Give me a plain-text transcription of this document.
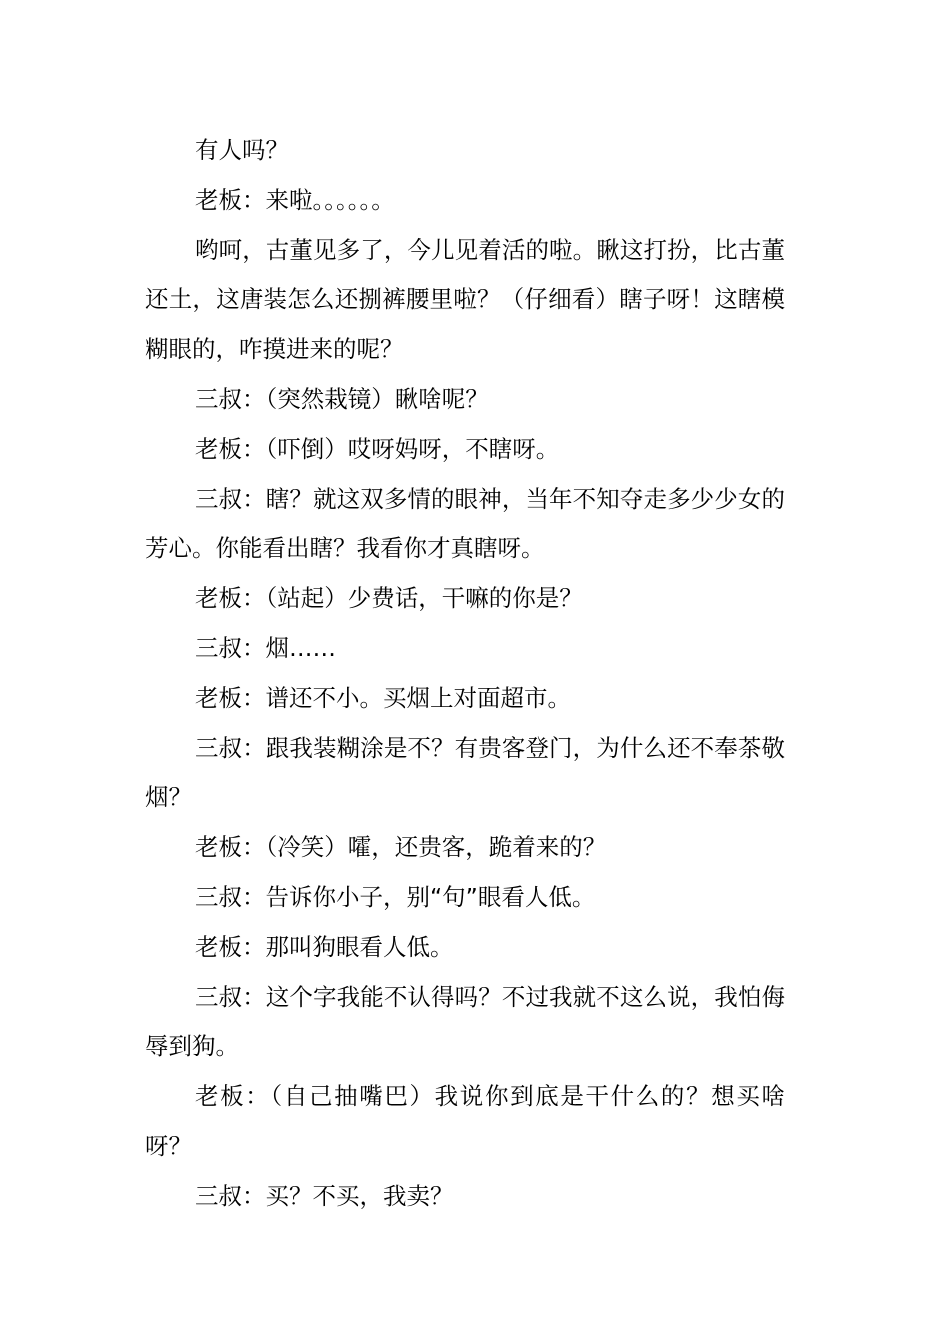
有人吗？

老板：来啦。。。。。。

哟呵，古董见多了，今儿见着活的啦。瞅这打扮，比古董还土，这唐装怎么还捌裤腰里啦？（仔细看）瞎子呀！这瞎模糊眼的，咋摸进来的呢？

三叔：（突然栽镜）瞅啥呢？

老板：（吓倒）哎呀妈呀，不瞎呀。

三叔：瞎？就这双多情的眼神，当年不知夺走多少少女的芳心。你能看出瞎？我看你才真瞎呀。

老板：（站起）少费话，干嘛的你是？

三叔：烟……

老板：谱还不小。买烟上对面超市。

三叔：跟我装糊涂是不？有贵客登门，为什么还不奉茶敬烟？

老板：（冷笑）嚯，还贵客，跪着来的？

三叔：告诉你小子，别“句”眼看人低。

老板：那叫狗眼看人低。

三叔：这个字我能不认得吗？不过我就不这么说，我怕侮辱到狗。

老板：（自己抽嘴巴）我说你到底是干什么的？想买啥呀？

三叔：买？不买，我卖？
